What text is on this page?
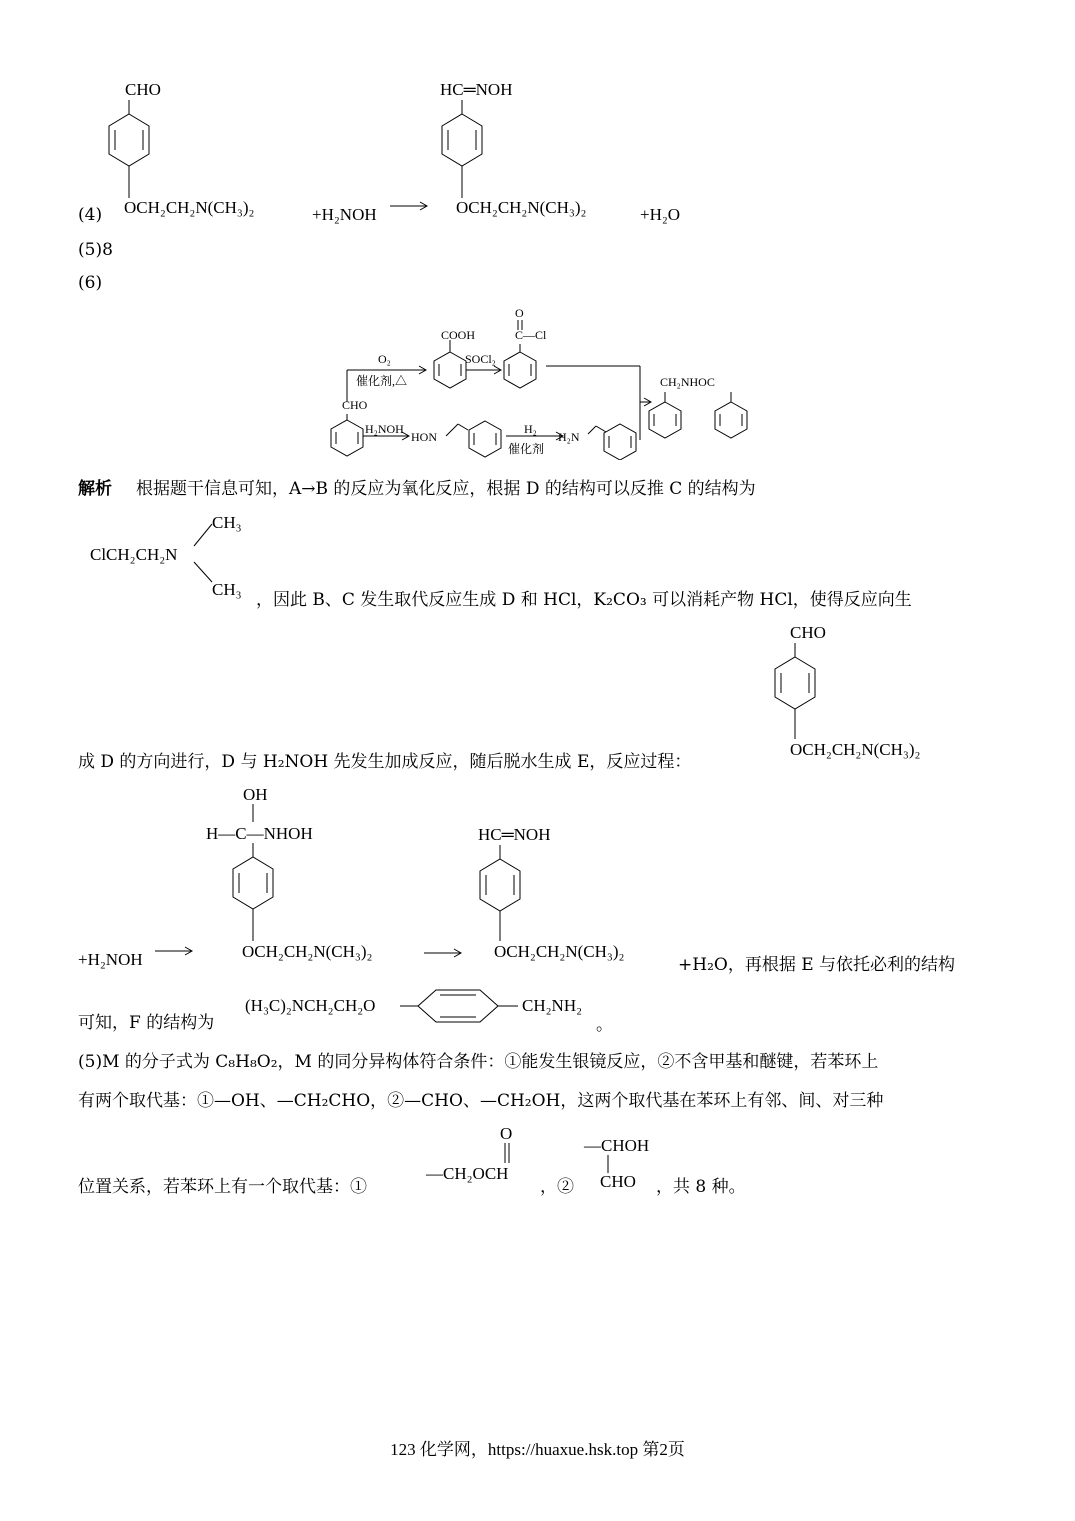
(4)
CHO
OCH₂CH₂N(CH₃)₂	+H₂NOH →
HC═NOH
OCH₂CH₂N(CH₃)₂	+H₂O
(5)8
(6)
O₂
催化剂,△
COOH
SOCl₂
O
C—Cl
CHO
H₂NOH
HON
H₂
催化剂
H₂N
CH₂NHOC
解析 根据题干信息可知，A→B 的反应为氧化反应，根据 D 的结构可以反推 C 的结构为
ClCH₂CH₂N
CH₃
CH₃
，因此 B、C 发生取代反应生成 D 和 HCl，K₂CO₃ 可以消耗产物 HCl，使得反应向生
CHO
OCH₂CH₂N(CH₃)₂
成 D 的方向进行，D 与 H₂NOH 先发生加成反应，随后脱水生成 E，反应过程：
OH
H—C—NHOH
OCH₂CH₂N(CH₃)₂
+H₂NOH →
HC═NOH
OCH₂CH₂N(CH₃)₂
+H₂O，再根据 E 与依托必利的结构
可知，F 的结构为
(H₃C)₂NCH₂CH₂O	CH₂NH₂
。
(5)M 的分子式为 C₈H₈O₂，M 的同分异构体符合条件：①能发生银镜反应，②不含甲基和醚键，若苯环上
有两个取代基：①—OH、—CH₂CHO，②—CHO、—CH₂OH，这两个取代基在苯环上有邻、间、对三种
位置关系，若苯环上有一个取代基：①
O
—CH₂OCH
，②
—CHOH
CHO ，共 8 种。
123 化学网，https://huaxue.hsk.top 第2页
